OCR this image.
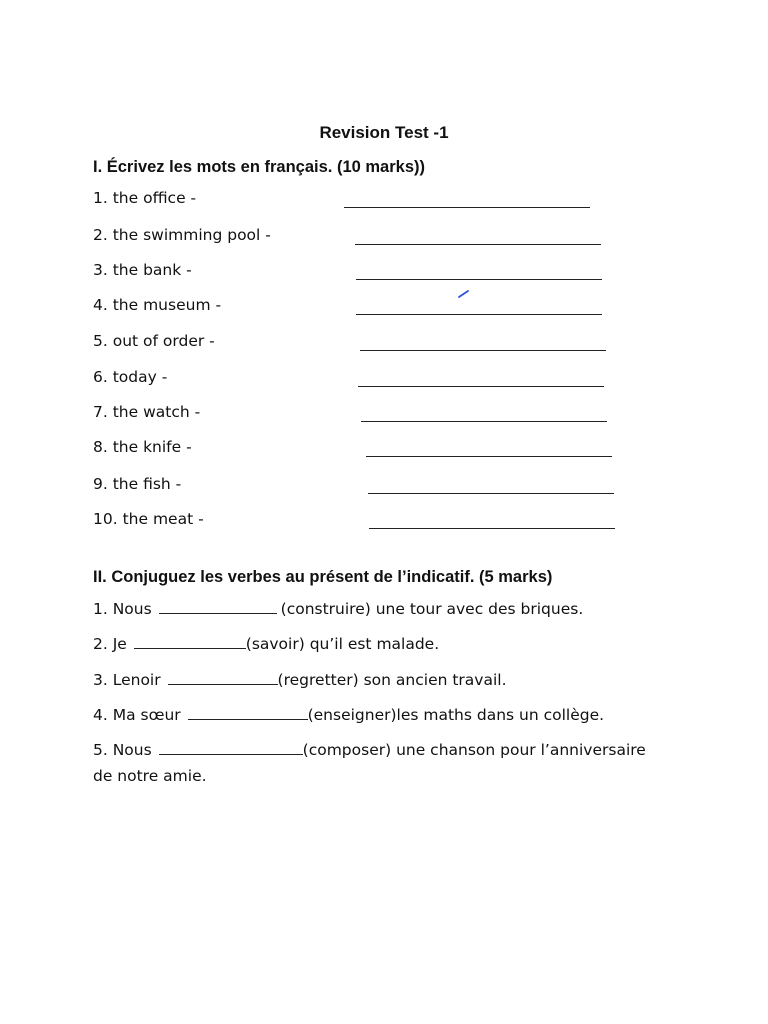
Revision Test -1
I. Écrivez les mots en français. (10 marks))
1. the office -
2. the swimming pool -
3. the bank -
4. the museum -
5. out of order -
6. today -
7. the watch -
8. the knife -
9. the fish -
10. the meat -
II. Conjuguez les verbes au présent de l’indicatif. (5 marks)
1. Nous	(construire) une tour avec des briques.
2. Je	(savoir) qu’il est malade.
3. Lenoir	(regretter) son ancien travail.
4. Ma sœur	(enseigner)les maths dans un collège.
5. Nous	(composer) une chanson pour l’anniversaire
de notre amie.
